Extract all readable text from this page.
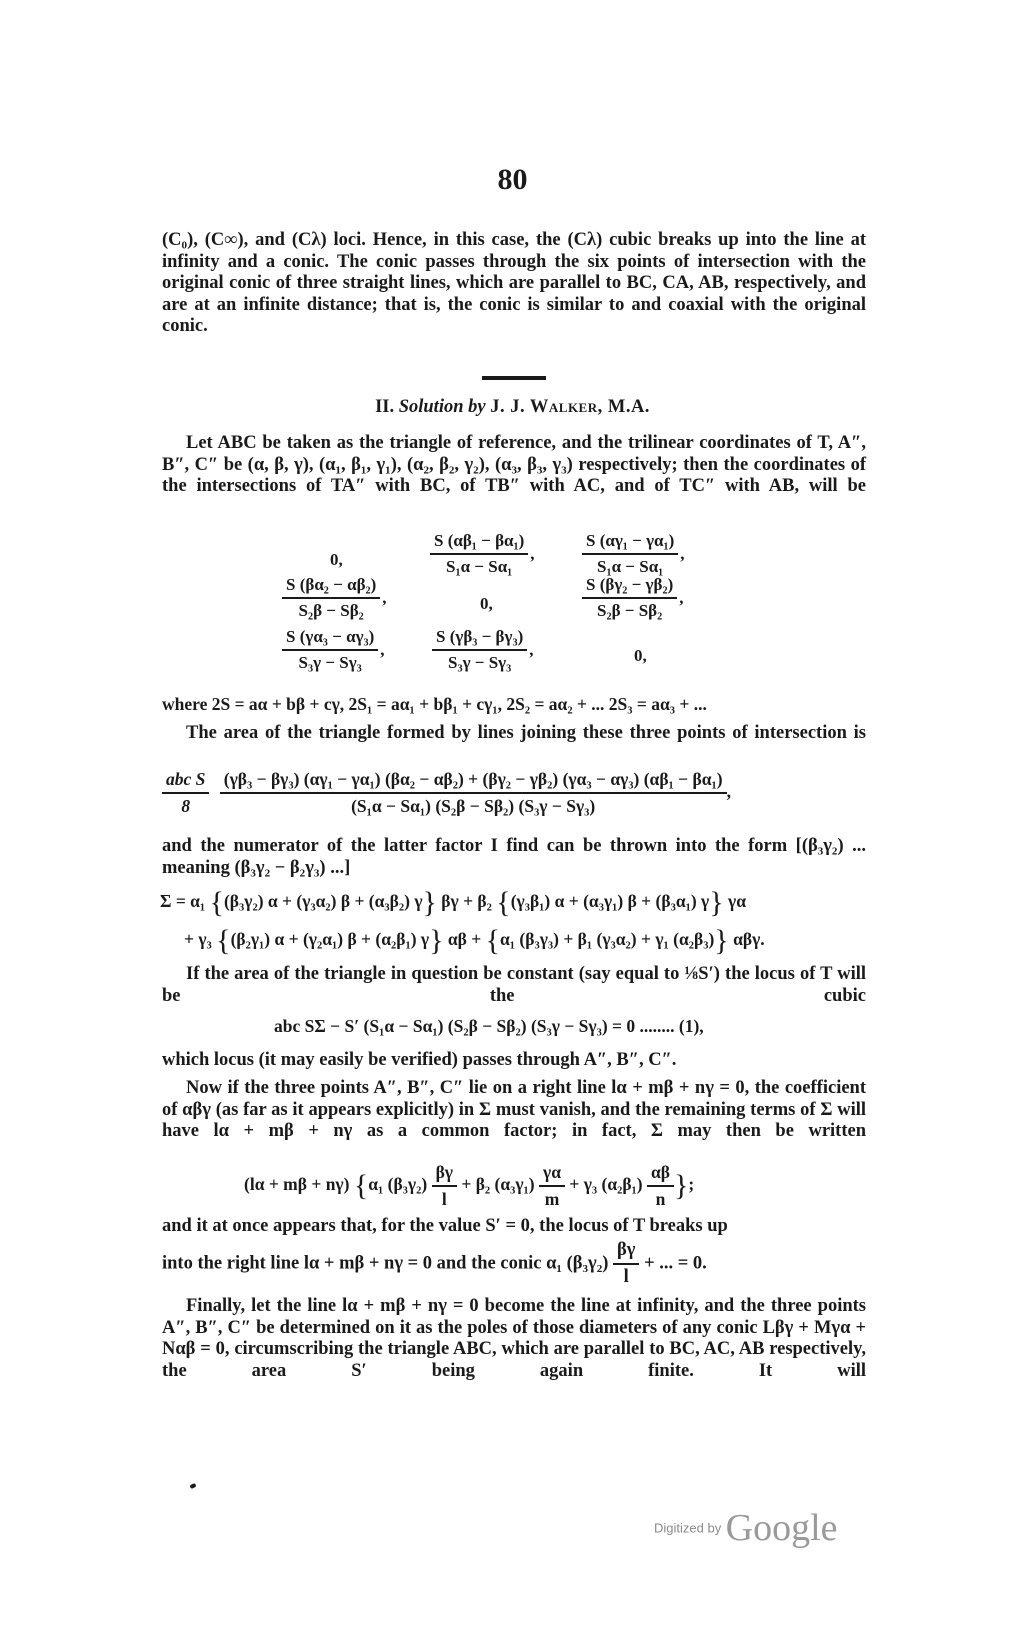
80
(C₀), (C∞), and (Cλ) loci. Hence, in this case, the (Cλ) cubic breaks up into the line at infinity and a conic. The conic passes through the six points of intersection with the original conic of three straight lines, which are parallel to BC, CA, AB, respectively, and are at an infinite distance; that is, the conic is similar to and coaxial with the original conic.
II. Solution by J. J. Walker, M.A.
Let ABC be taken as the triangle of reference, and the trilinear coordinates of T, A″, B″, C″ be (α, β, γ), (α₁, β₁, γ₁), (α₂, β₂, γ₂), (α₃, β₃, γ₃) respectively; then the coordinates of the intersections of TA″ with BC, of TB″ with AC, and of TC″ with AB, will be
0,	$\frac{\text{S (αβ₁ − βα₁)}}{\text{S₁α − Sα₁}}$ ,	$\frac{\text{S (αγ₁ − γα₁)}}{\text{S₁α − Sα₁}}$ ,
$\frac{\text{S (βα₂ − αβ₂)}}{\text{S₂β − Sβ₂}}$ ,	0,	$\frac{\text{S (βγ₂ − γβ₂)}}{\text{S₂β − Sβ₂}}$ ,
$\frac{\text{S (γα₃ − αγ₃)}}{\text{S₃γ − Sγ₃}}$ ,	$\frac{\text{S (γβ₃ − βγ₃)}}{\text{S₃γ − Sγ₃}}$ ,	0,
where 2S = aα + bβ + cγ, 2S₁ = aα₁ + bβ₁ + cγ₁, 2S₂ = aα₂ + ... 2S₃ = aα₃ + ...
The area of the triangle formed by lines joining these three points of intersection is
$\frac{\text{abc S}}{8}$
(γβ₃ − βγ₃) (αγ₁ − γα₁) (βα₂ − αβ₂) + (βγ₂ − γβ₂) (γα₃ − αγ₃) (αβ₁ − βα₁)
(S₁α − Sα₁) (S₂β − Sβ₂) (S₃γ − Sγ₃)
,
and the numerator of the latter factor I find can be thrown into the form [(β₃γ₂) ... meaning (β₃γ₂ − β₂γ₃) ...]
Σ = α₁ {(β₃γ₂) α + (γ₃α₂) β + (α₃β₂) γ} βγ + β₂ {(γ₃β₁) α + (α₃γ₁) β + (β₃α₁) γ} γα
+ γ₃ {(β₂γ₁) α + (γ₂α₁) β + (α₂β₁) γ} αβ + {α₁ (β₃γ₃) + β₁ (γ₃α₂) + γ₁ (α₂β₃)} αβγ.
If the area of the triangle in question be constant (say equal to ⅛S′) the locus of T will be the cubic
abc SΣ − S′ (S₁α − Sα₁) (S₂β − Sβ₂) (S₃γ − Sγ₃) = 0 ........ (1),
which locus (it may easily be verified) passes through A″, B″, C″.
Now if the three points A″, B″, C″ lie on a right line lα + mβ + nγ = 0, the coefficient of αβγ (as far as it appears explicitly) in Σ must vanish, and the remaining terms of Σ will have lα + mβ + nγ as a common factor; in fact, Σ may then be written
(lα + mβ + nγ) {α₁ $(\beta_3\gamma_2) \frac{\beta\gamma}{l} + \beta_2$ $(\alpha_3\gamma_1) \frac{\gamma\alpha}{m} + \gamma_3$ $(\alpha_2\beta_1) \frac{\alpha\beta}{n}$ };
and it at once appears that, for the value S′ = 0, the locus of T breaks up
into the right line lα + mβ + nγ = 0 and the conic α₁ $(\beta_3\gamma_2) \frac{\beta\gamma}{l}$ + ... = 0.
Finally, let the line lα + mβ + nγ = 0 become the line at infinity, and the three points A″, B″, C″ be determined on it as the poles of those diameters of any conic Lβγ + Mγα + Nαβ = 0, circumscribing the triangle ABC, which are parallel to BC, AC, AB respectively, the area S′ being again finite. It will
Digitized by Google
